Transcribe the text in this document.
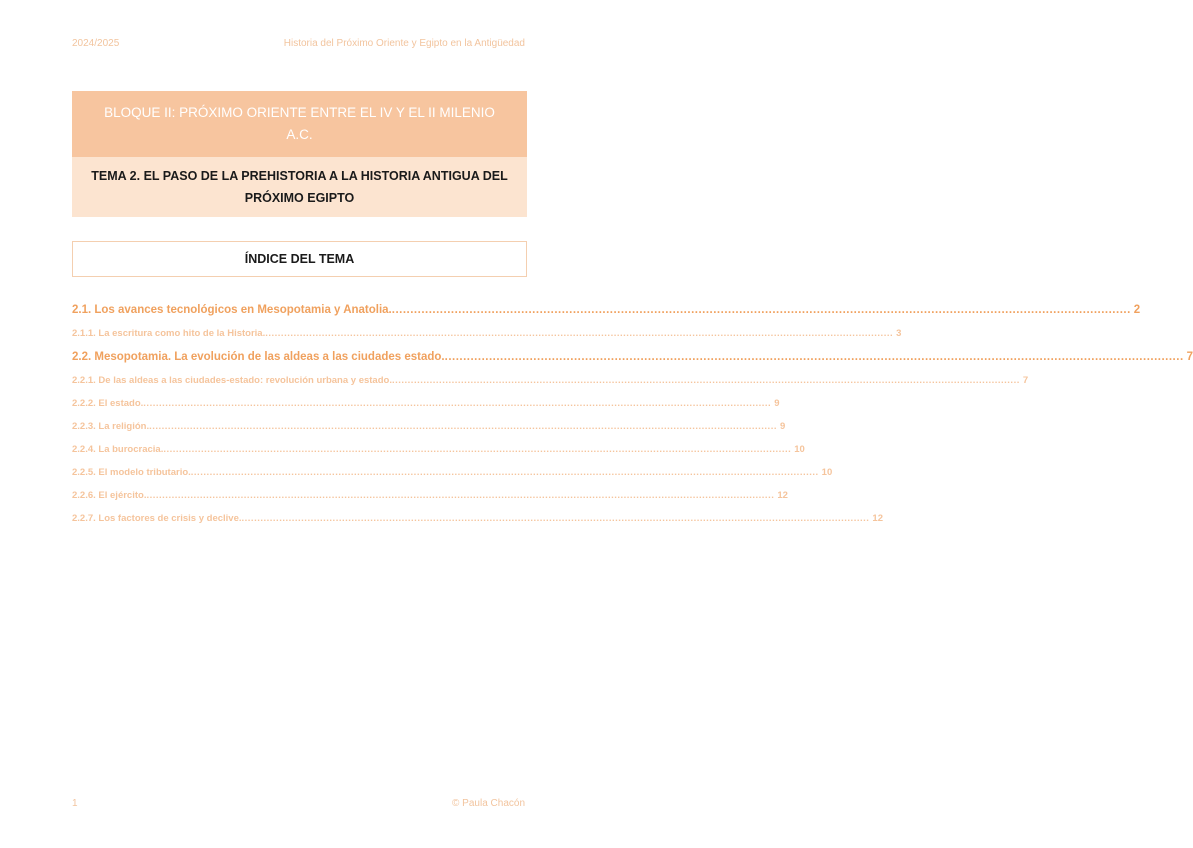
2024/2025	Historia del Próximo Oriente y Egipto en la Antigüedad
BLOQUE II: PRÓXIMO ORIENTE ENTRE EL IV Y EL II MILENIO A.C.
TEMA 2. EL PASO DE LA PREHISTORIA A LA HISTORIA ANTIGUA DEL PRÓXIMO EGIPTO
ÍNDICE DEL TEMA
2.1. Los avances tecnológicos en Mesopotamia y Anatolia. ........................................................................................................................................................................................................ 2
2.1.1. La escritura como hito de la Historia. ........................................................................................................................................................................................................ 3
2.2. Mesopotamia. La evolución de las aldeas a las ciudades estado. ........................................................................................................................................................................................................ 7
2.2.1. De las aldeas a las ciudades-estado: revolución urbana y estado. ........................................................................................................................................................................................................ 7
2.2.2. El estado. ........................................................................................................................................................................................................ 9
2.2.3. La religión. ........................................................................................................................................................................................................ 9
2.2.4. La burocracia. ........................................................................................................................................................................................................ 10
2.2.5. El modelo tributario. ........................................................................................................................................................................................................ 10
2.2.6. El ejército. ........................................................................................................................................................................................................ 12
2.2.7. Los factores de crisis y declive. ........................................................................................................................................................................................................ 12
1	© Paula Chacón
